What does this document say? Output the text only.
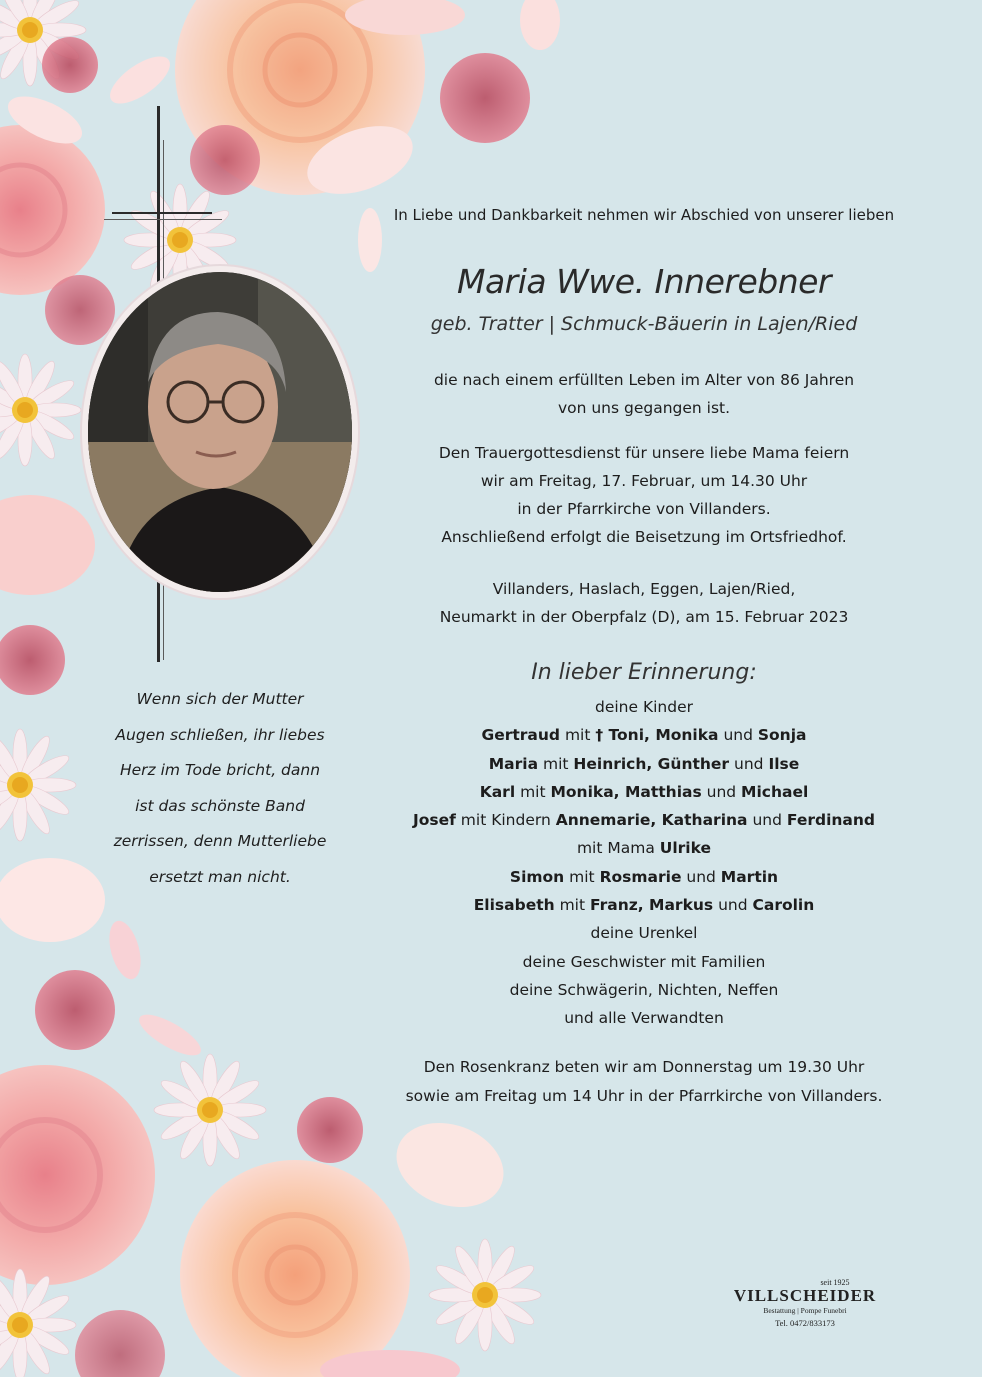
Wenn sich der Mutter
Augen schließen, ihr liebes
Herz im Tode bricht, dann
ist das schönste Band
zerrissen, denn Mutterliebe
ersetzt man nicht.
In Liebe und Dankbarkeit nehmen wir Abschied von unserer lieben
Maria Wwe. Innerebner
geb. Tratter | Schmuck-Bäuerin in Lajen/Ried
die nach einem erfüllten Leben im Alter von 86 Jahren
von uns gegangen ist.
Den Trauergottesdienst für unsere liebe Mama feiern
wir am Freitag, 17. Februar, um 14.30 Uhr
in der Pfarrkirche von Villanders.
Anschließend erfolgt die Beisetzung im Ortsfriedhof.
Villanders, Haslach, Eggen, Lajen/Ried,
Neumarkt in der Oberpfalz (D), am 15. Februar 2023
In lieber Erinnerung:
deine Kinder
Gertraud mit † Toni, Monika und Sonja
Maria mit Heinrich, Günther und Ilse
Karl mit Monika, Matthias und Michael
Josef mit Kindern Annemarie, Katharina und Ferdinand
mit Mama Ulrike
Simon mit Rosmarie und Martin
Elisabeth mit Franz, Markus und Carolin
deine Urenkel
deine Geschwister mit Familien
deine Schwägerin, Nichten, Neffen
und alle Verwandten
Den Rosenkranz beten wir am Donnerstag um 19.30 Uhr
sowie am Freitag um 14 Uhr in der Pfarrkirche von Villanders.
seit 1925
VILLSCHEIDER
Bestattung | Pompe Funebri
Tel. 0472/833173
